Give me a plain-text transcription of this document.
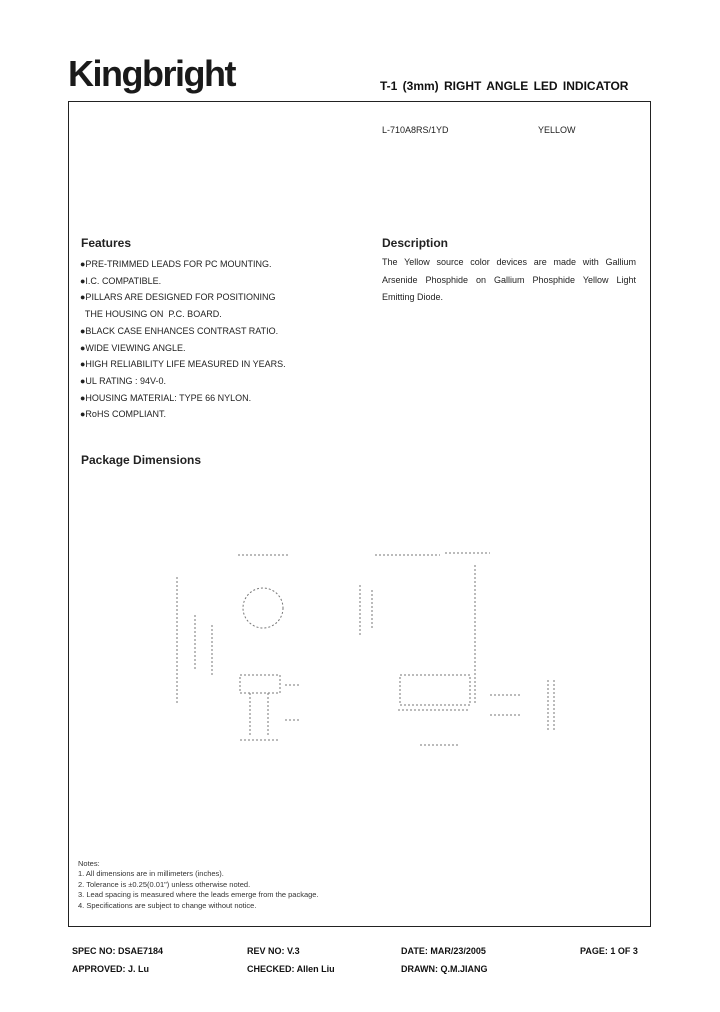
Kingbright	T-1 (3mm) RIGHT ANGLE LED INDICATOR
L-710A8RS/1YD	YELLOW
Features
●PRE-TRIMMED LEADS FOR PC MOUNTING.
●I.C. COMPATIBLE.
●PILLARS ARE DESIGNED FOR POSITIONING
THE HOUSING ON  P.C. BOARD.
●BLACK CASE ENHANCES CONTRAST RATIO.
●WIDE VIEWING ANGLE.
●HIGH RELIABILITY LIFE MEASURED IN YEARS.
●UL RATING : 94V-0.
●HOUSING MATERIAL: TYPE 66 NYLON.
●RoHS COMPLIANT.
Description
The Yellow source color devices are made with Gallium Arsenide Phosphide on Gallium Phosphide Yellow Light Emitting Diode.
Package Dimensions
Notes:
1. All dimensions are in millimeters (inches).
2. Tolerance is ±0.25(0.01") unless otherwise noted.
3. Lead spacing is measured where the leads emerge from the package.
4. Specifications are subject to change without notice.
SPEC NO: DSAE7184	REV NO: V.3	DATE: MAR/23/2005	PAGE: 1 OF 3
APPROVED: J. Lu	CHECKED: Allen Liu	DRAWN: Q.M.JIANG
